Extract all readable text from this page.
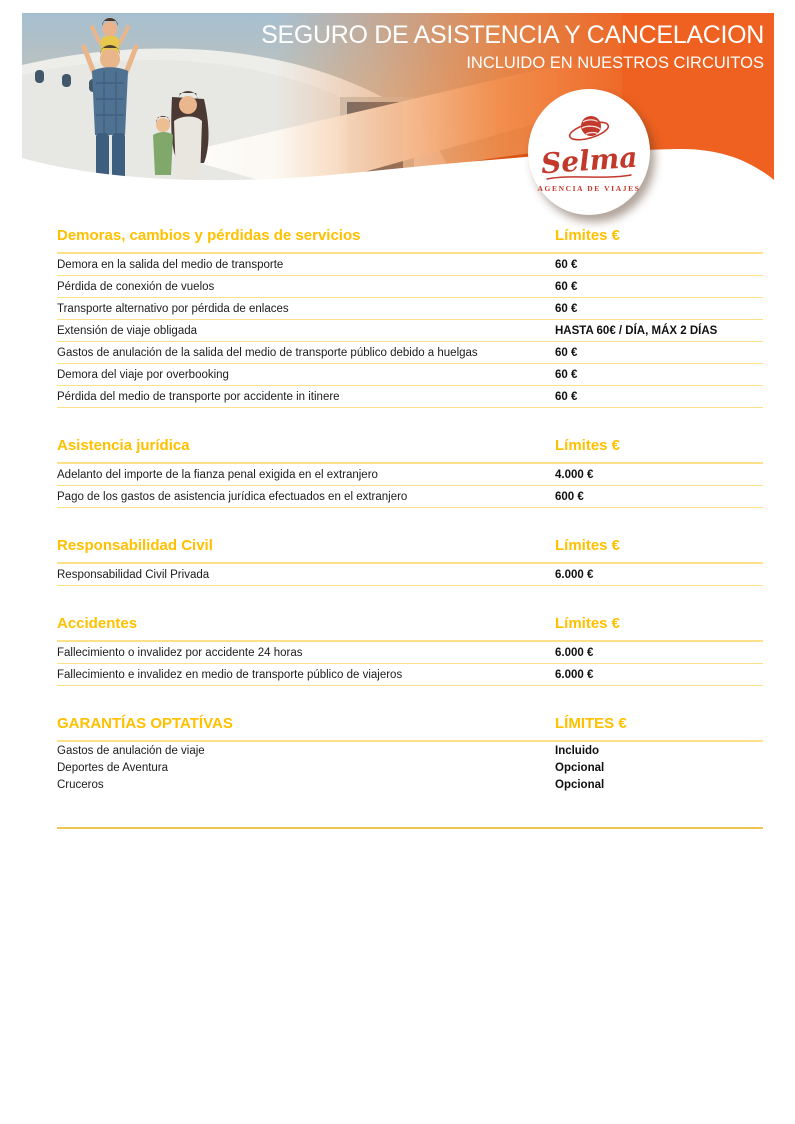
SEGURO DE ASISTENCIA Y CANCELACION
INCLUIDO EN NUESTROS CIRCUITOS
Selma
AGENCIA DE VIAJES
Demoras, cambios y pérdidas de servicios	Límites €
Demora en la salida del medio de transporte	60 €
Pérdida de conexión de vuelos	60 €
Transporte alternativo por pérdida de enlaces	60 €
Extensión de viaje obligada	HASTA 60€ / DÍA, MÁX 2 DÍAS
Gastos de anulación de la salida del medio de transporte público debido a huelgas	60 €
Demora del viaje por overbooking	60 €
Pérdida del medio de transporte por accidente in itinere	60 €
Asistencia jurídica	Límites €
Adelanto del importe de la fianza penal exigida en el extranjero	4.000 €
Pago de los gastos de asistencia jurídica efectuados en el extranjero	600 €
Responsabilidad Civil	Límites €
Responsabilidad Civil Privada	6.000 €
Accidentes	Límites €
Fallecimiento o invalidez por accidente 24 horas	6.000 €
Fallecimiento e invalidez en medio de transporte público de viajeros	6.000 €
GARANTÍAS OPTATÍVAS	LÍMITES €
Gastos de anulación de viaje	Incluido
Deportes de Aventura	Opcional
Cruceros	Opcional
